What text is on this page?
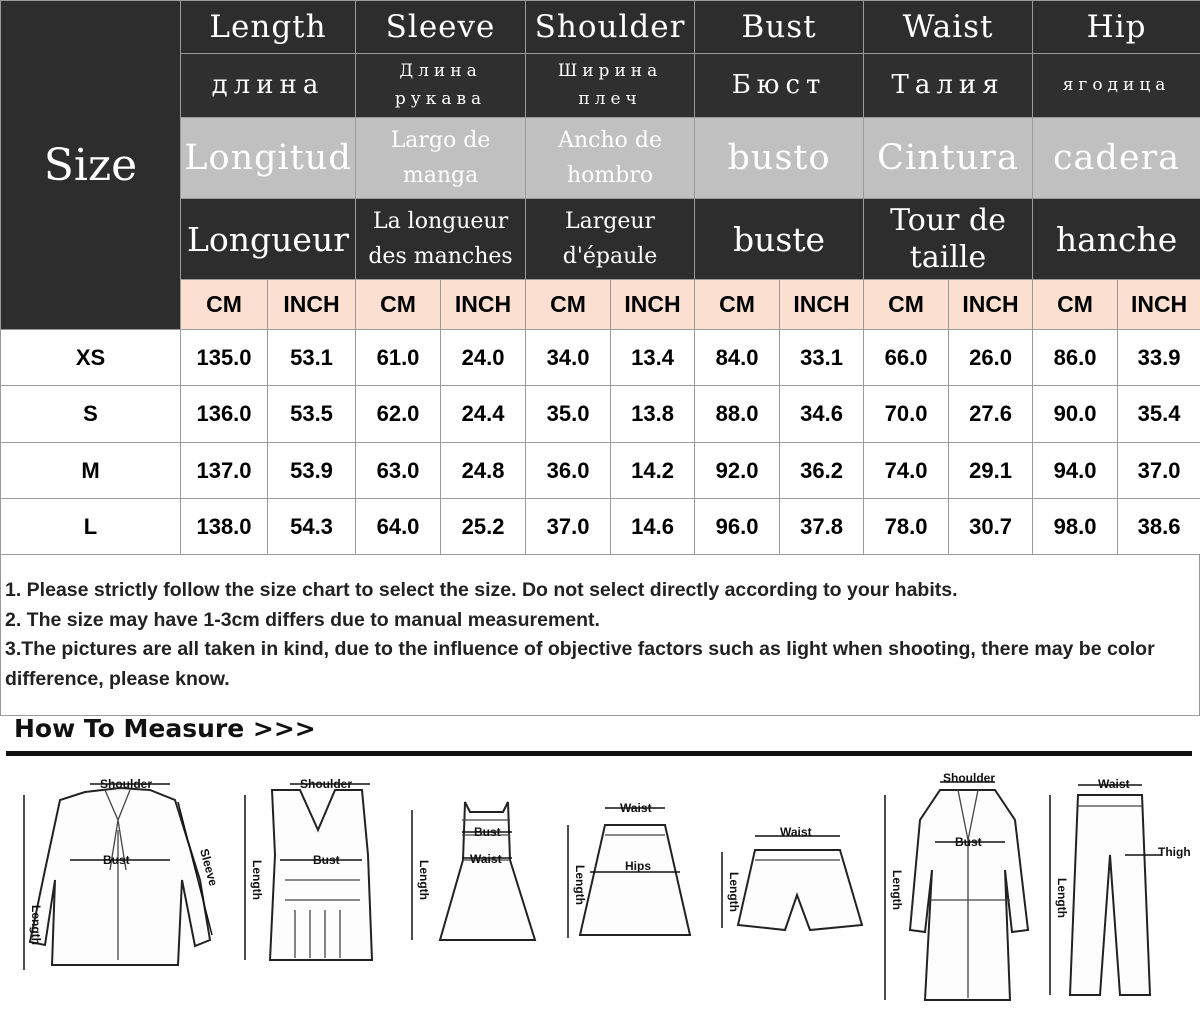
Size	Length		Sleeve		Shoulder		Bust		Waist		Hip	
	длина		Длина рукава		Ширина плеч		Бюст		Талия		ягодица	
	Longitud		Largo de manga		Ancho de hombro		busto		Cintura		cadera	
	Longueur		La longueur des manches		Largeur d'épaule		buste		Tour de taille		hanche	
	CM	INCH	CM	INCH	CM	INCH	CM	INCH	CM	INCH	CM	INCH
XS	135.0	53.1	61.0	24.0	34.0	13.4	84.0	33.1	66.0	26.0	86.0	33.9
S	136.0	53.5	62.0	24.4	35.0	13.8	88.0	34.6	70.0	27.6	90.0	35.4
M	137.0	53.9	63.0	24.8	36.0	14.2	92.0	36.2	74.0	29.1	94.0	37.0
L	138.0	54.3	64.0	25.2	37.0	14.6	96.0	37.8	78.0	30.7	98.0	38.6

1. Please strictly follow the size chart to select the size. Do not select directly according to your habits.

2. The size may have 1-3cm differs due to manual measurement.

3.The pictures are all taken in kind, due to the influence of objective factors such as light when shooting, there may be color difference, please know.

How To Measure >>>
Shoulder
Bust	Sleeve
Length
Shoulder
Bust
Length
Bust
Waist
Length
Waist
Hips
Length
Waist
Length
Shoulder
Bust
Length
Waist
Thigh
Length
